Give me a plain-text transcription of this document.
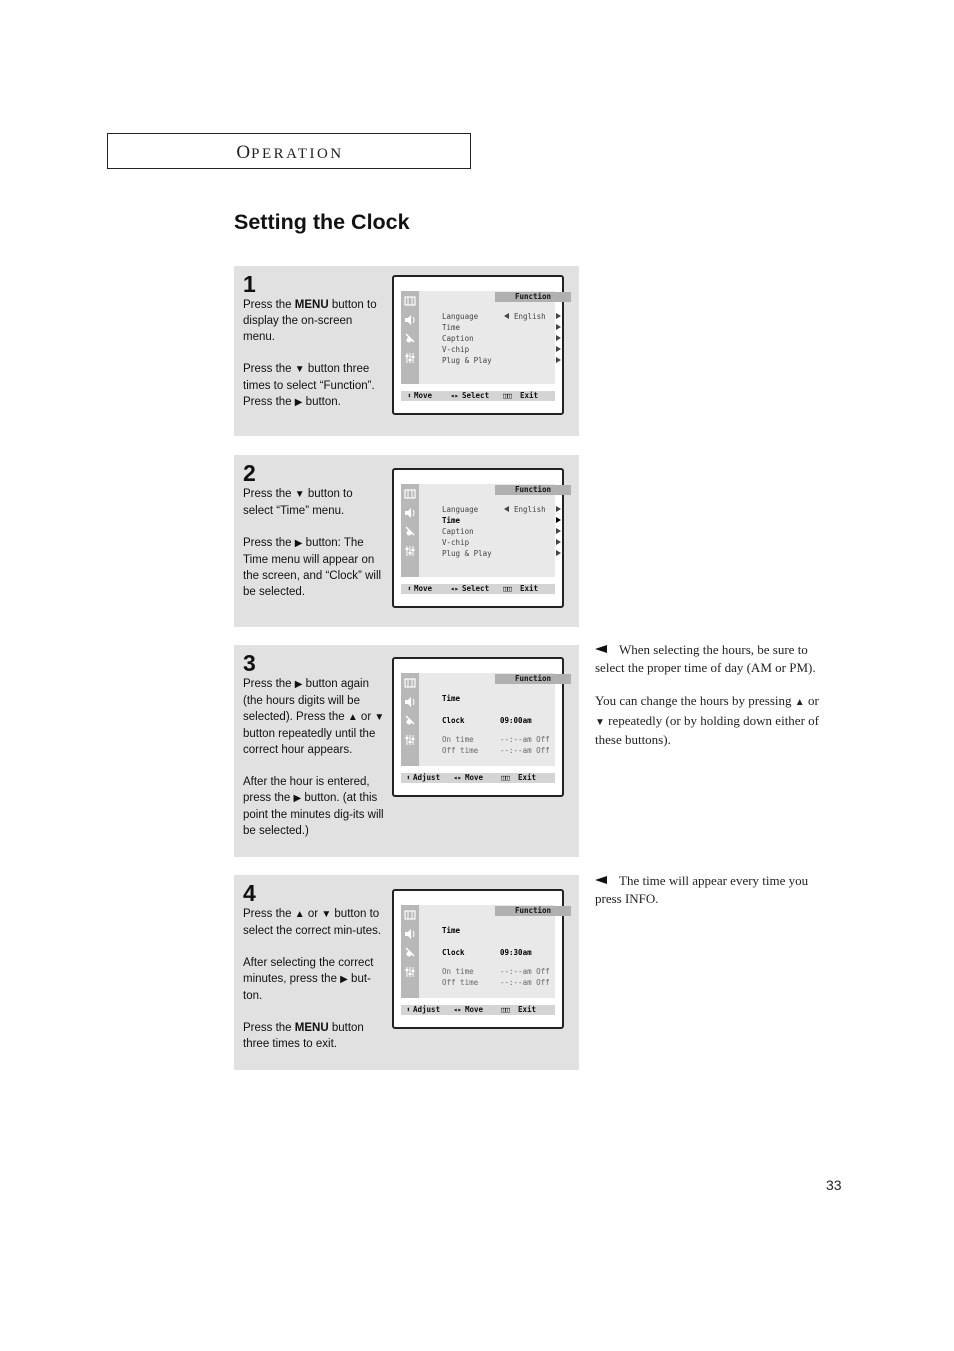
OPERATION
Setting the Clock
1

Press the MENU button to display the on-screen menu.

Press the ▼ button three times to select “Function”. Press the ▶ button.

Function
Language	English
Time
Caption
V-chip
Plug & Play
⬍ Move ◂▸ Select ◫◫ Exit
2

Press the ▼ button to select “Time” menu.

Press the ▶ button: The Time menu will appear on the screen, and “Clock” will be selected.

Function
Language	English
Time
Caption
V-chip
Plug & Play
⬍ Move ◂▸ Select ◫◫ Exit
3

Press the ▶ button again (the hours digits will be selected). Press the ▲ or ▼ button repeatedly until the correct hour appears.

After the hour is entered, press the ▶ button. (at this point the minutes dig-its will be selected.)

Function
Time
Clock	09:00am
On time	--:--am Off
Off time	--:--am Off
⬍ Adjust ◂▸ Move ◫◫ Exit
4

Press the ▲ or ▼ button to select the correct min-utes.

After selecting the correct minutes, press the ▶ but-ton.

Press the MENU button three times to exit.

Function
Time
Clock	09:30am
On time	--:--am Off
Off time	--:--am Off
⬍ Adjust ◂▸ Move ◫◫ Exit

When selecting the hours, be sure to select the proper time of day (AM or PM).

You can change the hours by pressing ▲ or ▼ repeatedly (or by holding down either of these buttons).

The time will appear every time you press INFO.

33
